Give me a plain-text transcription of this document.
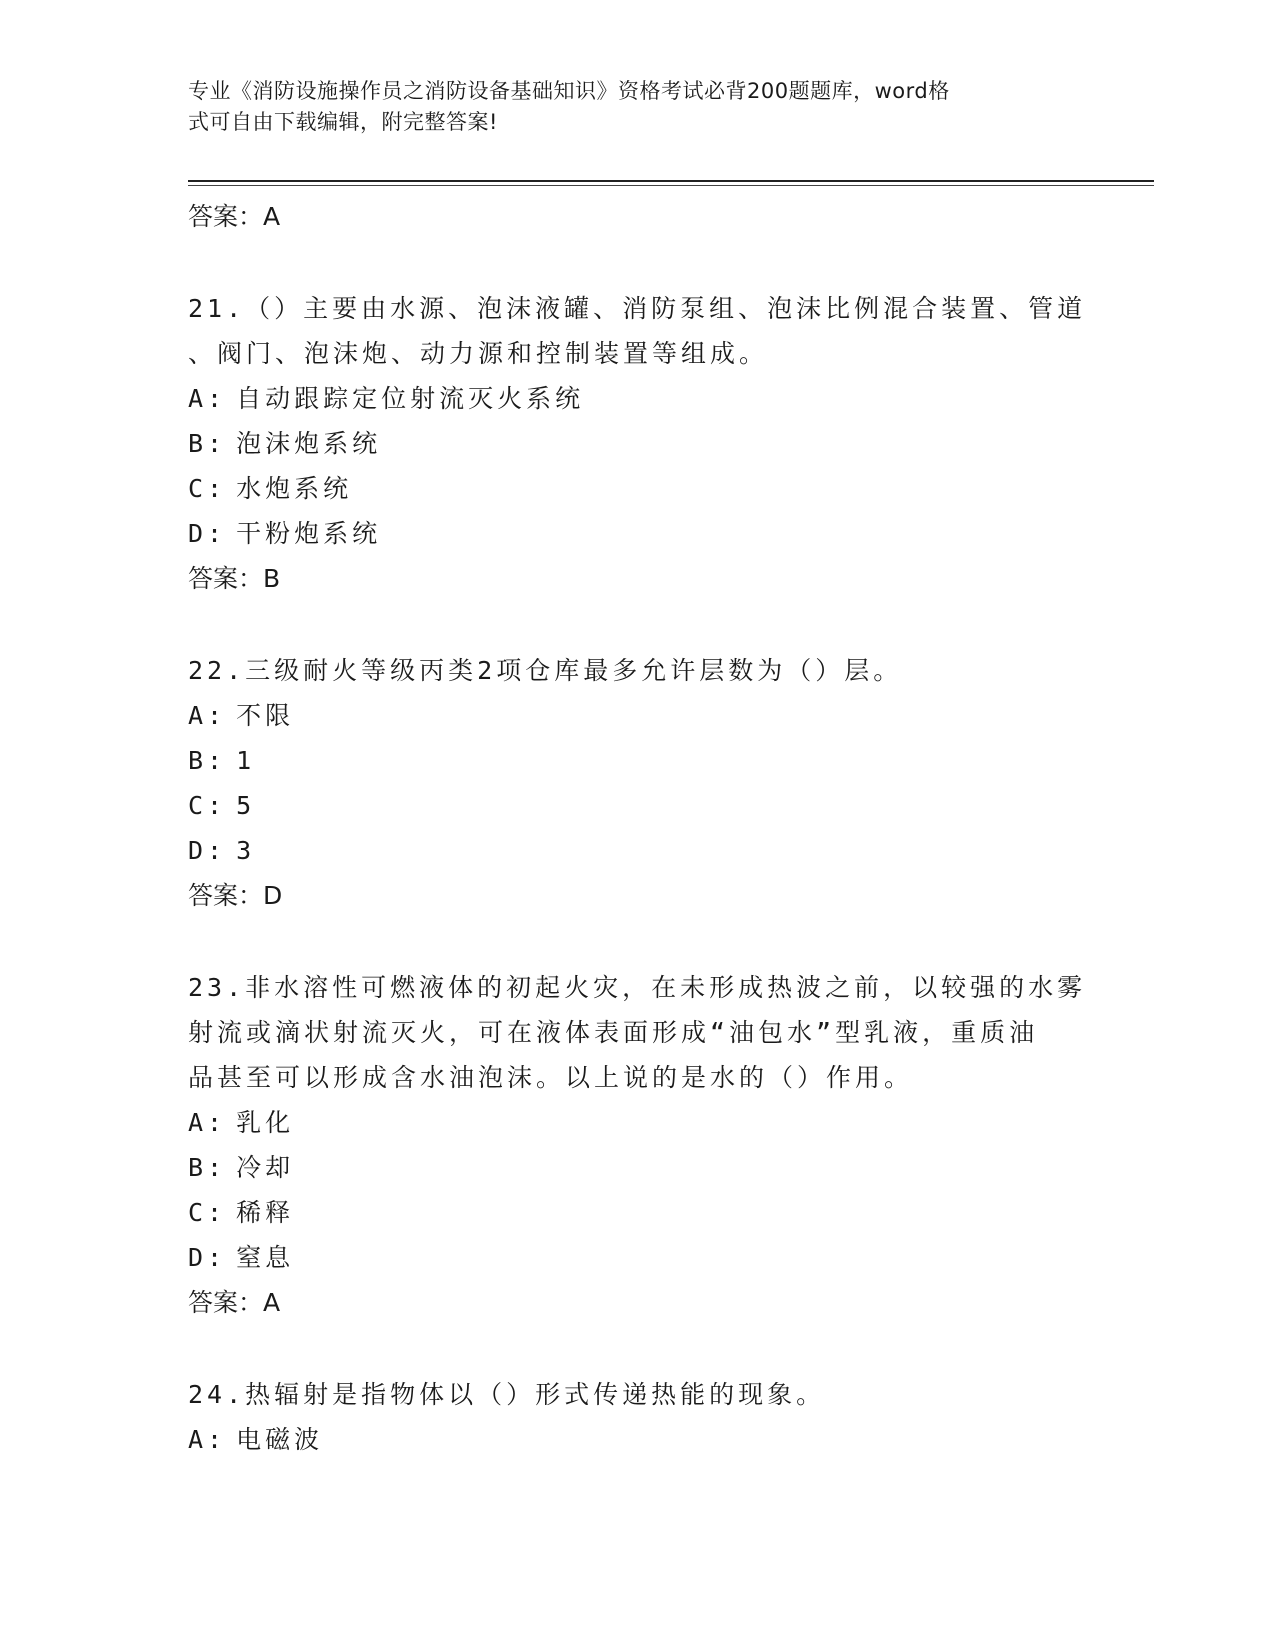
专业《消防设施操作员之消防设备基础知识》资格考试必背200题题库，word格
式可自由下载编辑，附完整答案!
答案：A
21.（）主要由水源、泡沫液罐、消防泵组、泡沫比例混合装置、管道
、阀门、泡沫炮、动力源和控制装置等组成。
A: 自动跟踪定位射流灭火系统
B: 泡沫炮系统
C: 水炮系统
D: 干粉炮系统
答案：B
22.三级耐火等级丙类2项仓库最多允许层数为（）层。
A: 不限
B: 1
C: 5
D: 3
答案：D
23.非水溶性可燃液体的初起火灾，在未形成热波之前，以较强的水雾
射流或滴状射流灭火，可在液体表面形成“油包水”型乳液，重质油
品甚至可以形成含水油泡沫。以上说的是水的（）作用。
A: 乳化
B: 冷却
C: 稀释
D: 窒息
答案：A
24.热辐射是指物体以（）形式传递热能的现象。
A: 电磁波
